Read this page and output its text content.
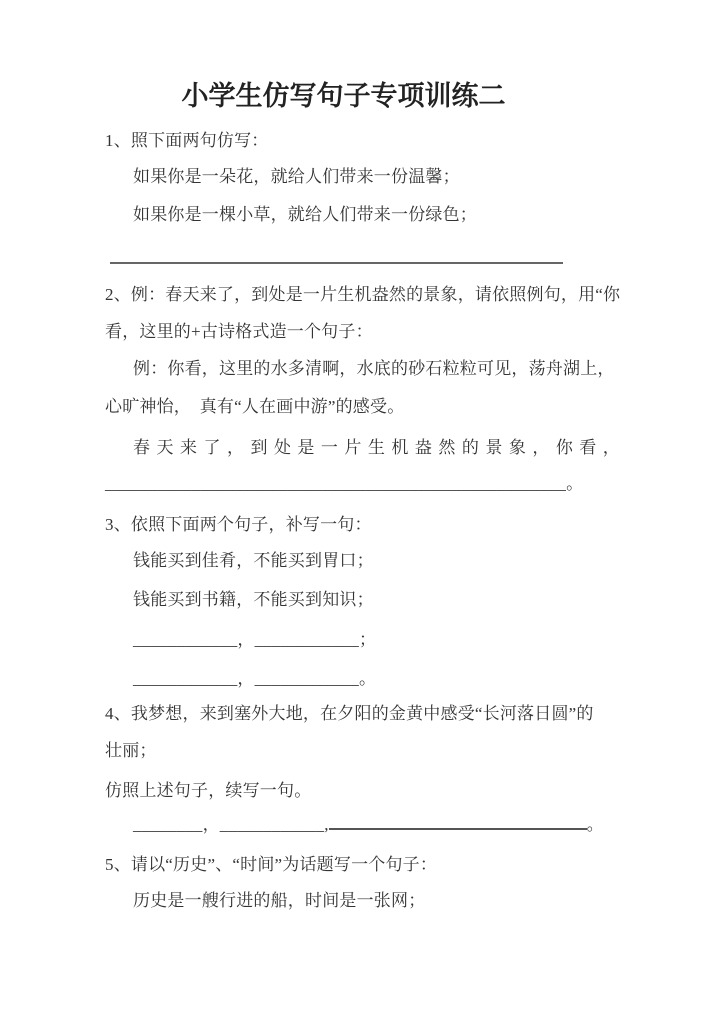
小学生仿写句子专项训练二
1、照下面两句仿写：
如果你是一朵花，就给人们带来一份温馨；
如果你是一棵小草，就给人们带来一份绿色；
2、例：春天来了，到处是一片生机盎然的景象，请依照例句，用“你
看，这里的+古诗格式造一个句子：
例：你看，这里的水多清啊，水底的砂石粒粒可见，荡舟湖上，
心旷神怡，　真有“人在画中游”的感受。
春天来了，到处是一片生机盎然的景象，你看，
_____________________________________________________。
3、依照下面两个句子，补写一句：
钱能买到佳肴，不能买到胃口；
钱能买到书籍，不能买到知识；
____________，____________；
____________，____________。
4、我梦想，来到塞外大地，在夕阳的金黄中感受“长河落日圆”的
壮丽；
仿照上述句子，续写一句。
________，____________,	。
5、请以“历史”、“时间”为话题写一个句子：
历史是一艘行进的船，时间是一张网；
